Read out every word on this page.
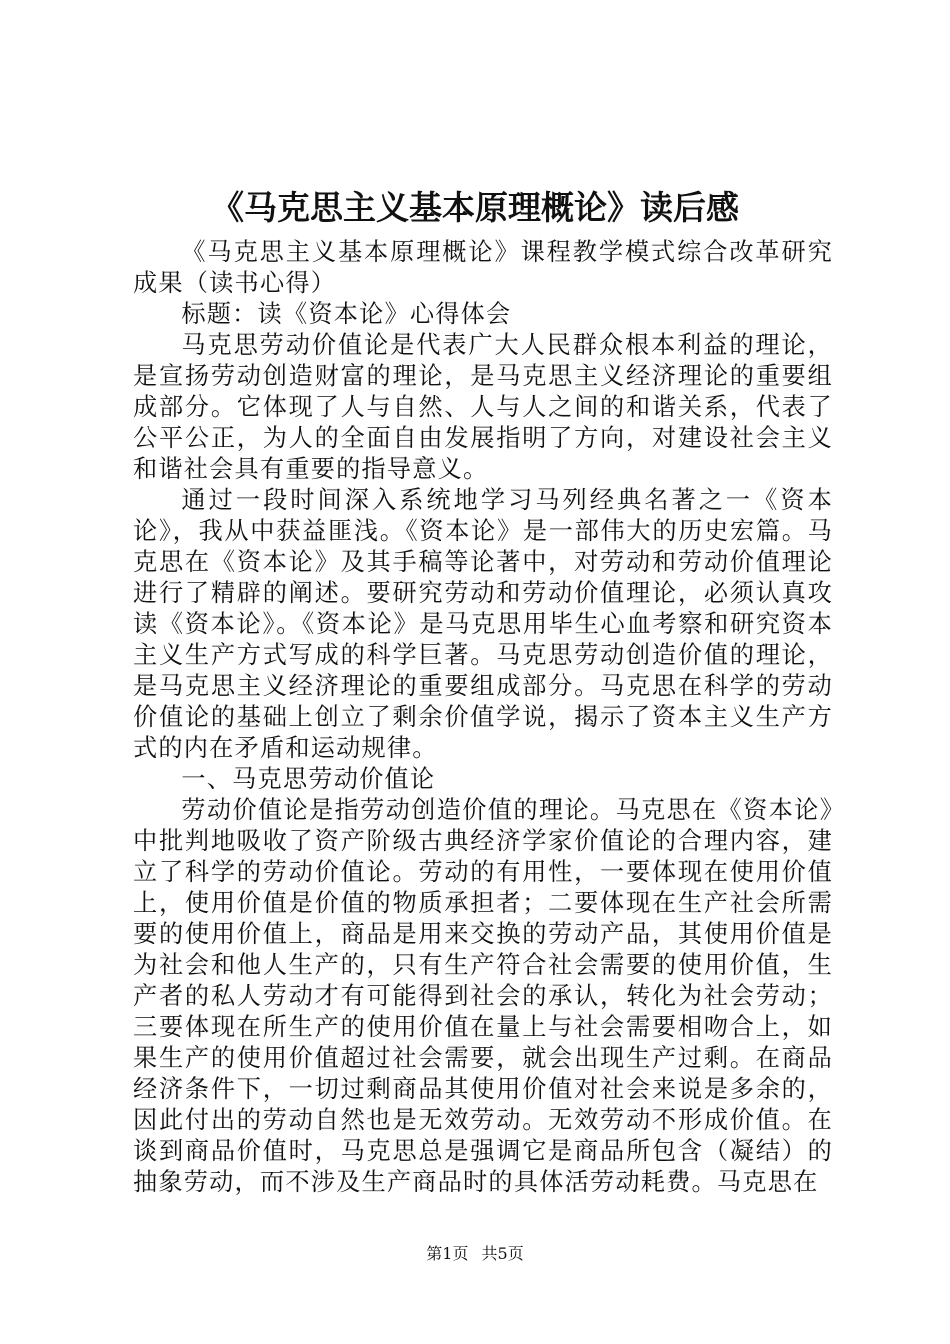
《马克思主义基本原理概论》读后感

《马克思主义基本原理概论》课程教学模式综合改革研究成果（读书心得）

标题：读《资本论》心得体会

马克思劳动价值论是代表广大人民群众根本利益的理论，是宣扬劳动创造财富的理论，是马克思主义经济理论的重要组成部分。它体现了人与自然、人与人之间的和谐关系，代表了公平公正，为人的全面自由发展指明了方向，对建设社会主义和谐社会具有重要的指导意义。

通过一段时间深入系统地学习马列经典名著之一《资本论》，我从中获益匪浅。《资本论》是一部伟大的历史宏篇。马克思在《资本论》及其手稿等论著中，对劳动和劳动价值理论进行了精辟的阐述。要研究劳动和劳动价值理论，必须认真攻读《资本论》。《资本论》是马克思用毕生心血考察和研究资本主义生产方式写成的科学巨著。马克思劳动创造价值的理论，是马克思主义经济理论的重要组成部分。马克思在科学的劳动价值论的基础上创立了剩余价值学说，揭示了资本主义生产方式的内在矛盾和运动规律。

一、马克思劳动价值论

劳动价值论是指劳动创造价值的理论。马克思在《资本论》中批判地吸收了资产阶级古典经济学家价值论的合理内容，建立了科学的劳动价值论。劳动的有用性，一要体现在使用价值上，使用价值是价值的物质承担者；二要体现在生产社会所需要的使用价值上，商品是用来交换的劳动产品，其使用价值是为社会和他人生产的，只有生产符合社会需要的使用价值，生产者的私人劳动才有可能得到社会的承认，转化为社会劳动；三要体现在所生产的使用价值在量上与社会需要相吻合上，如果生产的使用价值超过社会需要，就会出现生产过剩。在商品经济条件下，一切过剩商品其使用价值对社会来说是多余的，因此付出的劳动自然也是无效劳动。无效劳动不形成价值。在谈到商品价值时，马克思总是强调它是商品所包含（凝结）的抽象劳动，而不涉及生产商品时的具体活劳动耗费。马克思在

第1页 共5页
